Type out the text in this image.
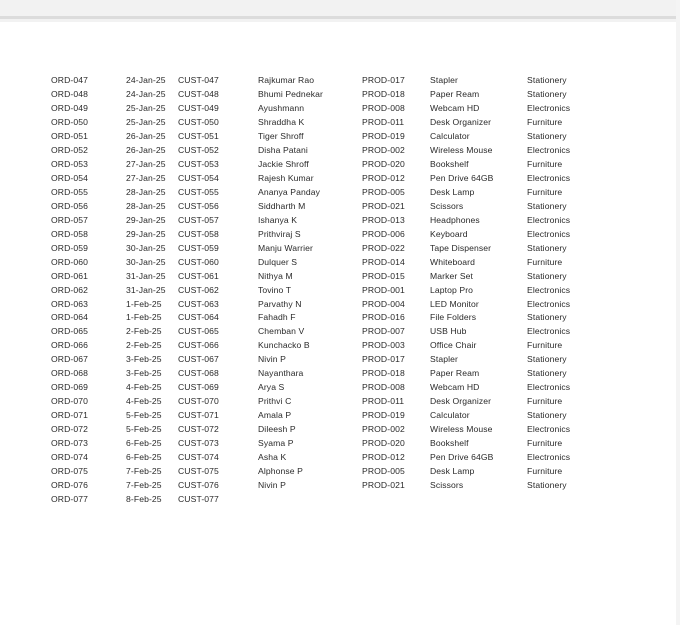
ORD-047	24-Jan-25 CUST-047	Rajkumar Rao	PROD-017	Stapler	Stationery
ORD-048	24-Jan-25 CUST-048	Bhumi Pednekar	PROD-018	Paper Ream	Stationery
ORD-049	25-Jan-25 CUST-049	Ayushmann	PROD-008	Webcam HD	Electronics
ORD-050	25-Jan-25 CUST-050	Shraddha K	PROD-011	Desk Organizer	Furniture
ORD-051	26-Jan-25 CUST-051	Tiger Shroff	PROD-019	Calculator	Stationery
ORD-052	26-Jan-25 CUST-052	Disha Patani	PROD-002	Wireless Mouse	Electronics
ORD-053	27-Jan-25 CUST-053	Jackie Shroff	PROD-020	Bookshelf	Furniture
ORD-054	27-Jan-25 CUST-054	Rajesh Kumar	PROD-012	Pen Drive 64GB	Electronics
ORD-055	28-Jan-25 CUST-055	Ananya Panday	PROD-005	Desk Lamp	Furniture
ORD-056	28-Jan-25 CUST-056	Siddharth M	PROD-021	Scissors	Stationery
ORD-057	29-Jan-25 CUST-057	Ishanya K	PROD-013	Headphones	Electronics
ORD-058	29-Jan-25 CUST-058	Prithviraj S	PROD-006	Keyboard	Electronics
ORD-059	30-Jan-25 CUST-059	Manju Warrier	PROD-022	Tape Dispenser	Stationery
ORD-060	30-Jan-25 CUST-060	Dulquer S	PROD-014	Whiteboard	Furniture
ORD-061	31-Jan-25 CUST-061	Nithya M	PROD-015	Marker Set	Stationery
ORD-062	31-Jan-25 CUST-062	Tovino T	PROD-001	Laptop Pro	Electronics
ORD-063	1-Feb-25 CUST-063	Parvathy N	PROD-004	LED Monitor	Electronics
ORD-064	1-Feb-25 CUST-064	Fahadh F	PROD-016	File Folders	Stationery
ORD-065	2-Feb-25 CUST-065	Chemban V	PROD-007	USB Hub	Electronics
ORD-066	2-Feb-25 CUST-066	Kunchacko B	PROD-003	Office Chair	Furniture
ORD-067	3-Feb-25 CUST-067	Nivin P	PROD-017	Stapler	Stationery
ORD-068	3-Feb-25 CUST-068	Nayanthara	PROD-018	Paper Ream	Stationery
ORD-069	4-Feb-25 CUST-069	Arya S	PROD-008	Webcam HD	Electronics
ORD-070	4-Feb-25 CUST-070	Prithvi C	PROD-011	Desk Organizer	Furniture
ORD-071	5-Feb-25 CUST-071	Amala P	PROD-019	Calculator	Stationery
ORD-072	5-Feb-25 CUST-072	Dileesh P	PROD-002	Wireless Mouse	Electronics
ORD-073	6-Feb-25 CUST-073	Syama P	PROD-020	Bookshelf	Furniture
ORD-074	6-Feb-25 CUST-074	Asha K	PROD-012	Pen Drive 64GB	Electronics
ORD-075	7-Feb-25 CUST-075	Alphonse P	PROD-005	Desk Lamp	Furniture
ORD-076	7-Feb-25 CUST-076	Nivin P	PROD-021	Scissors	Stationery
ORD-077	8-Feb-25 CUST-077
